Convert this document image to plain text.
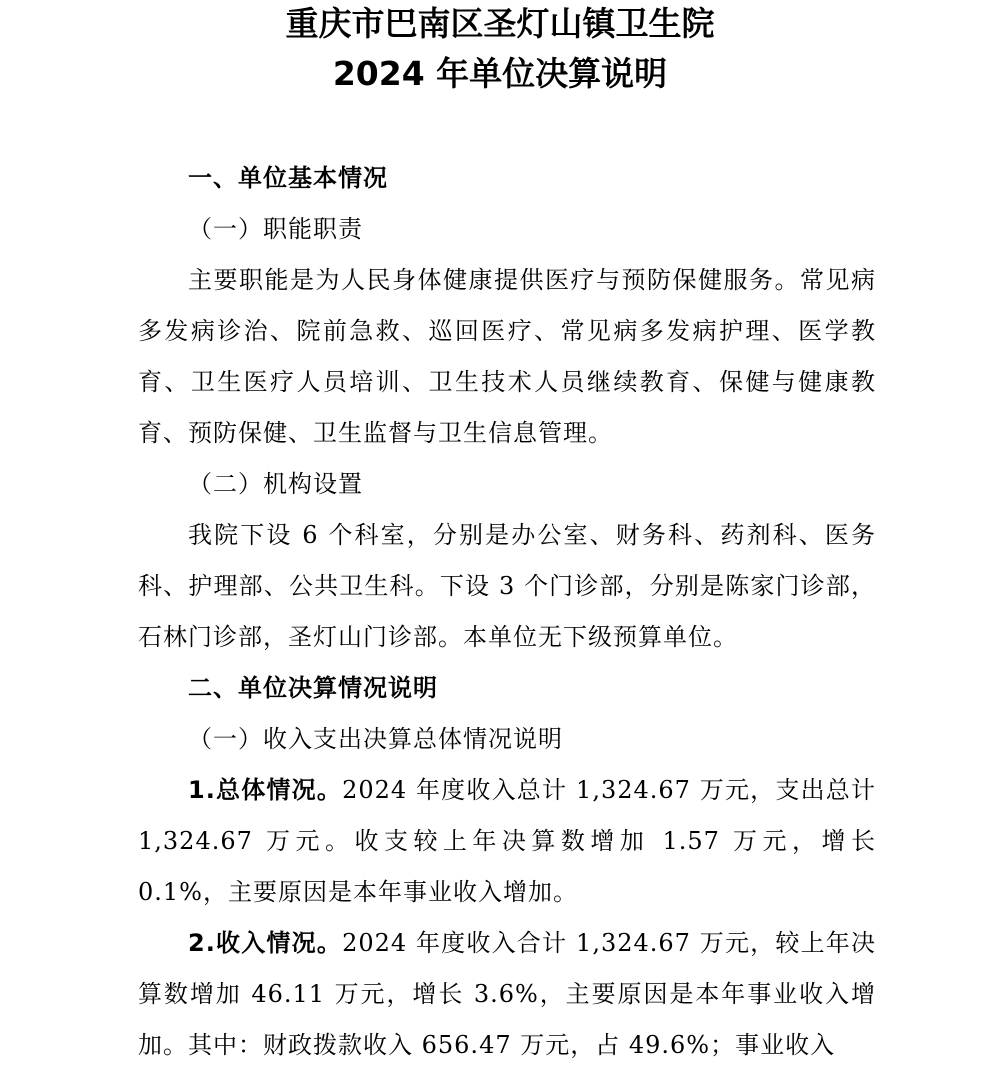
重庆市巴南区圣灯山镇卫生院
2024 年单位决算说明

一、单位基本情况

（一）职能职责

主要职能是为人民身体健康提供医疗与预防保健服务。常见病多发病诊治、院前急救、巡回医疗、常见病多发病护理、医学教育、卫生医疗人员培训、卫生技术人员继续教育、保健与健康教育、预防保健、卫生监督与卫生信息管理。

（二）机构设置

我院下设 6 个科室，分别是办公室、财务科、药剂科、医务科、护理部、公共卫生科。下设 3 个门诊部，分别是陈家门诊部，石林门诊部，圣灯山门诊部。本单位无下级预算单位。

二、单位决算情况说明

（一）收入支出决算总体情况说明

1.总体情况。2024 年度收入总计 1,324.67 万元，支出总计 1,324.67 万元。收支较上年决算数增加 1.57 万元，增长 0.1%，主要原因是本年事业收入增加。

2.收入情况。2024 年度收入合计 1,324.67 万元，较上年决算数增加 46.11 万元，增长 3.6%，主要原因是本年事业收入增加。其中：财政拨款收入 656.47 万元，占 49.6%；事业收入
